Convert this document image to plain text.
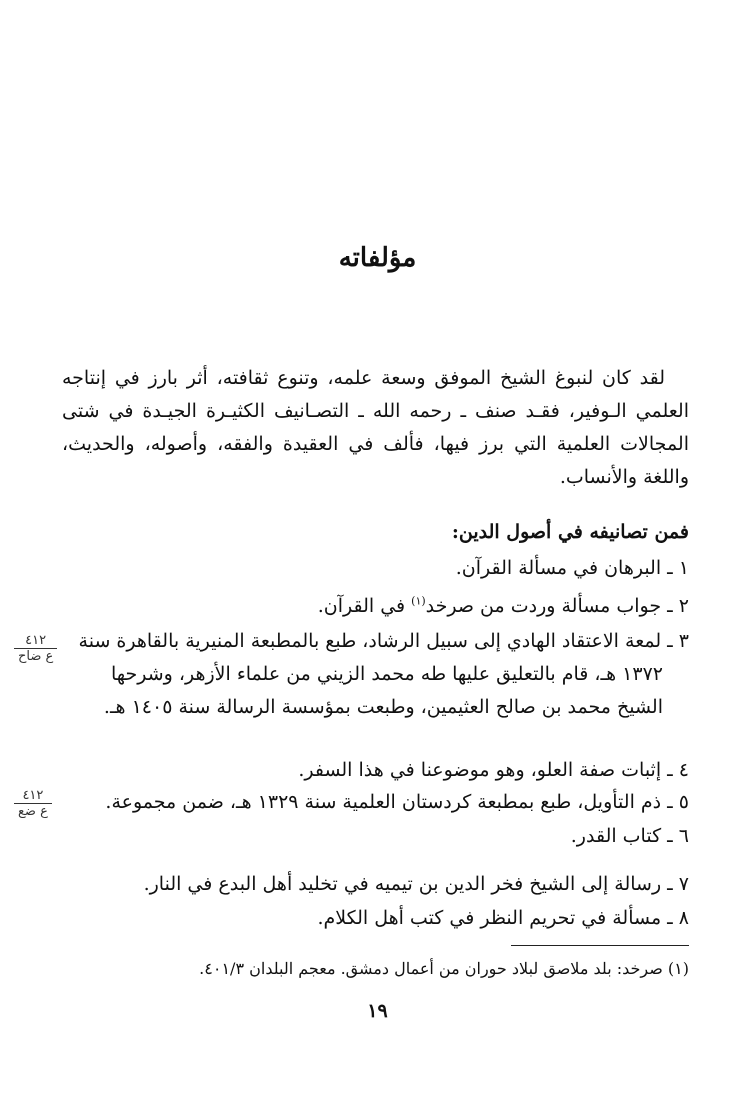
مؤلفاته

لقد كان لنبوغ الشيخ الموفق وسعة علمه، وتنوع ثقافته، أثر بارز في إنتاجه العلمي الـوفير، فقـد صنف ـ رحمه الله ـ التصـانيف الكثيـرة الجيـدة في شتى المجالات العلمية التي برز فيها، فألف في العقيدة والفقه، وأصوله، والحديث، واللغة والأنساب.

فمن تصانيفه في أصول الدين:
١ ـ البرهان في مسألة القرآن.
٢ ـ جواب مسألة وردت من صرخد$^{(١)}$ في القرآن.
٣ ـ لمعة الاعتقاد الهادي إلى سبيل الرشاد، طبع بالمطبعة المنيرية بالقاهرة سنة
١٣٧٢ هـ، قام بالتعليق عليها طه محمد الزيني من علماء الأزهر، وشرحها
الشيخ محمد بن صالح العثيمين، وطبعت بمؤسسة الرسالة سنة ١٤٠٥ هـ.
٤ ـ إثبات صفة العلو، وهو موضوعنا في هذا السفر.
٥ ـ ذم التأويل، طبع بمطبعة كردستان العلمية سنة ١٣٢٩ هـ، ضمن مجموعة.
٦ ـ كتاب القدر.
٧ ـ رسالة إلى الشيخ فخر الدين بن تيميه في تخليد أهل البدع في النار.
٨ ـ مسألة في تحريم النظر في كتب أهل الكلام.
٤١٢
ع ضاح
٤١٢
ع ضع
(١) صرخد: بلد ملاصق لبلاد حوران من أعمال دمشق. معجم البلدان ٤٠١/٣.
١٩
